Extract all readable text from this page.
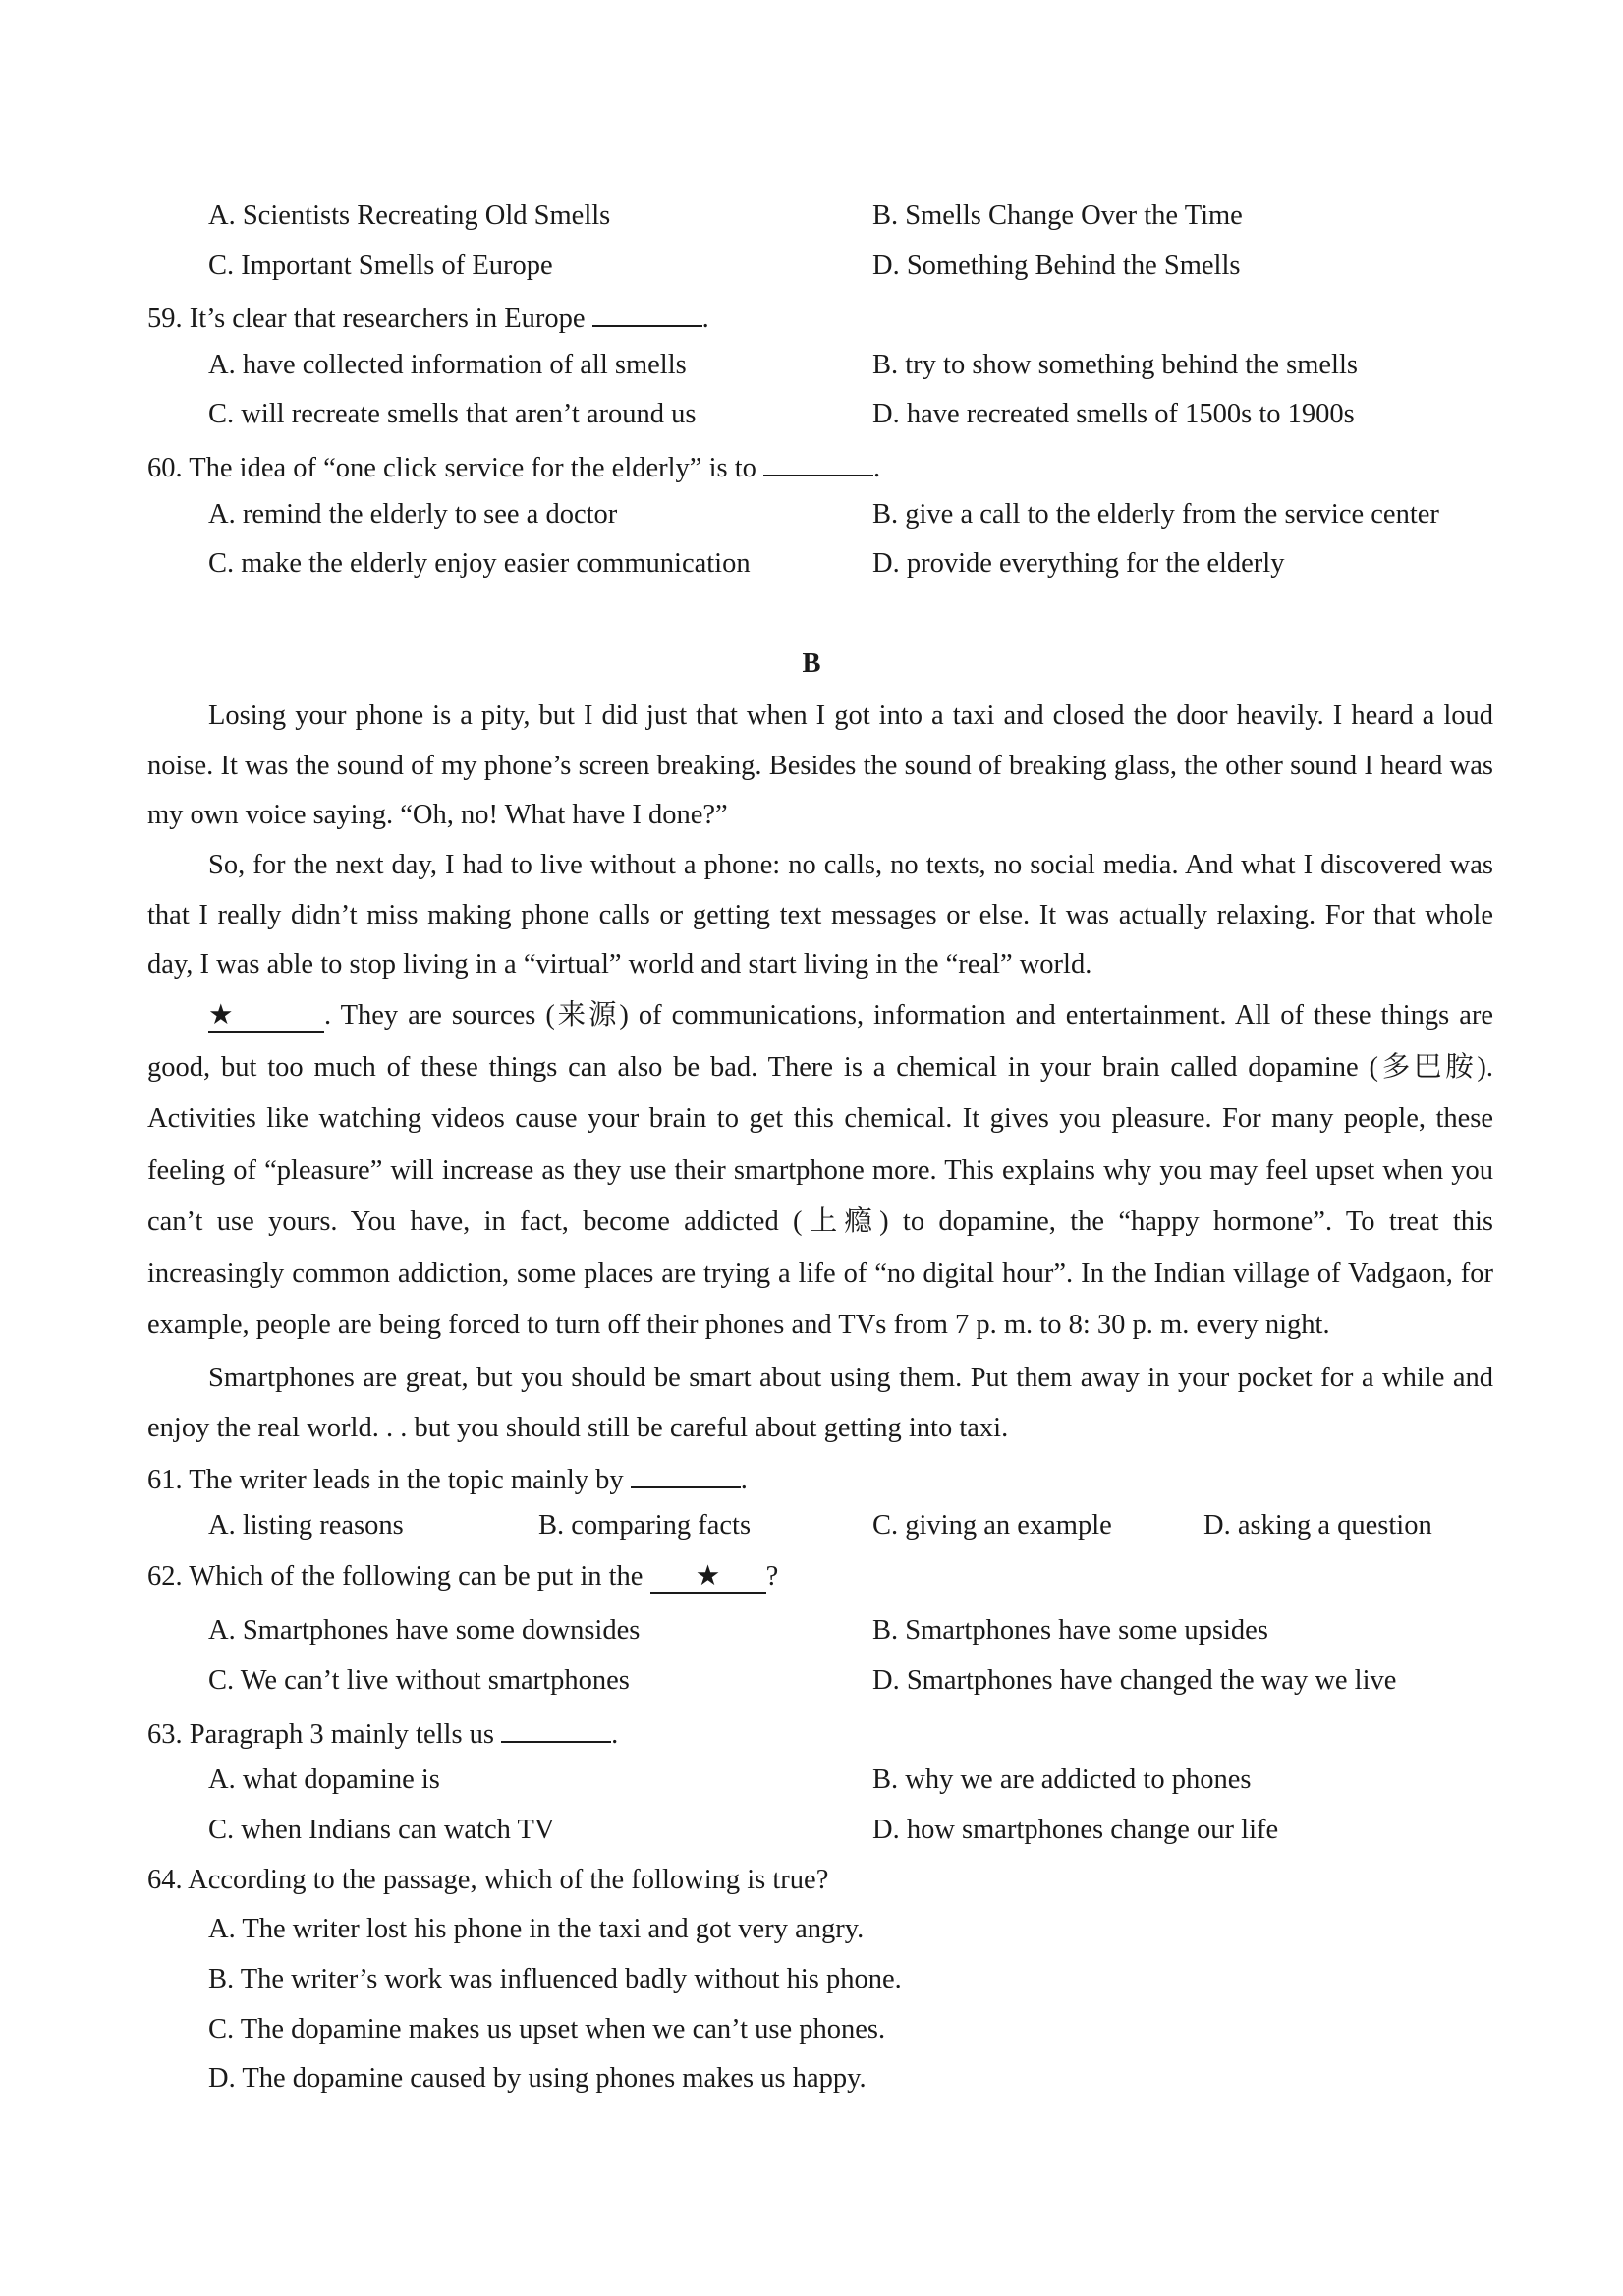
A. Scientists Recreating Old Smells	B. Smells Change Over the Time
C. Important Smells of Europe	D. Something Behind the Smells
59. It’s clear that researchers in Europe	.
A. have collected information of all smells	B. try to show something behind the smells
C. will recreate smells that aren’t around us	D. have recreated smells of 1500s to 1900s
60. The idea of “one click service for the elderly” is to	.
A. remind the elderly to see a doctor	B. give a call to the elderly from the service center
C. make the elderly enjoy easier communication	D. provide everything for the elderly
B

Losing your phone is a pity, but I did just that when I got into a taxi and closed the door heavily. I heard a loud noise. It was the sound of my phone’s screen breaking. Besides the sound of breaking glass, the other sound I heard was my own voice saying. “Oh, no! What have I done?”

So, for the next day, I had to live without a phone: no calls, no texts, no social media. And what I discovered was that I really didn’t miss making phone calls or getting text messages or else. It was actually relaxing. For that whole day, I was able to stop living in a “virtual” world and start living in the “real” world.

★	. They are sources (来源) of communications, information and entertainment. All of these things are good, but too much of these things can also be bad. There is a chemical in your brain called dopamine (多巴胺). Activities like watching videos cause your brain to get this chemical. It gives you pleasure. For many people, these feeling of “pleasure” will increase as they use their smartphone more. This explains why you may feel upset when you can’t use yours. You have, in fact, become addicted (上瘾) to dopamine, the “happy hormone”. To treat this increasingly common addiction, some places are trying a life of “no digital hour”. In the Indian village of Vadgaon, for example, people are being forced to turn off their phones and TVs from 7 p. m. to 8: 30 p. m. every night.

Smartphones are great, but you should be smart about using them. Put them away in your pocket for a while and enjoy the real world. . . but you should still be careful about getting into taxi.

61. The writer leads in the topic mainly by	.
A. listing reasons	B. comparing facts	C. giving an example	D. asking a question
62. Which of the following can be put in the ★ ?
A. Smartphones have some downsides	B. Smartphones have some upsides
C. We can’t live without smartphones	D. Smartphones have changed the way we live
63. Paragraph 3 mainly tells us	.
A. what dopamine is	B. why we are addicted to phones
C. when Indians can watch TV	D. how smartphones change our life
64. According to the passage, which of the following is true?
A. The writer lost his phone in the taxi and got very angry.
B. The writer’s work was influenced badly without his phone.
C. The dopamine makes us upset when we can’t use phones.
D. The dopamine caused by using phones makes us happy.
